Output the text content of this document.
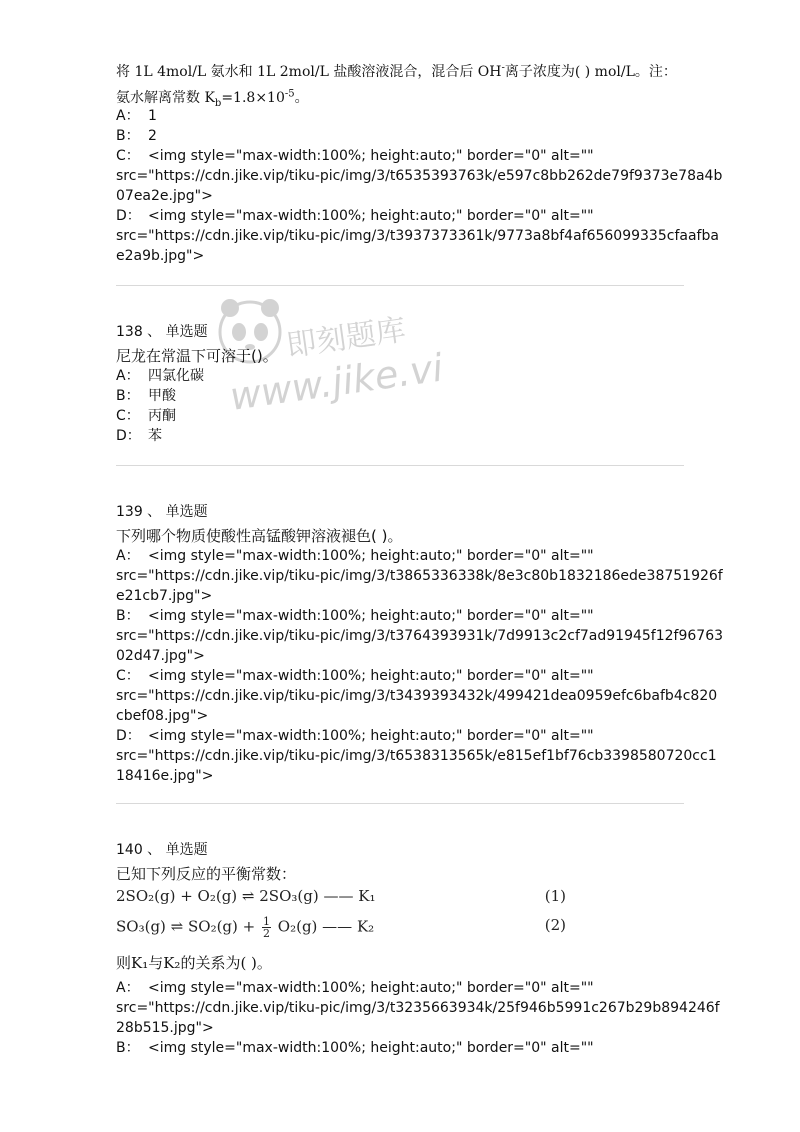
即刻题库
www.jike.vip
将 1L 4mol/L 氨水和 1L 2mol/L 盐酸溶液混合，混合后 OH-离子浓度为( ) mol/L。注：
氨水解离常数 $K_b=1.8\times 10^{-5}$。
A： 1
B： 2
C： <img style="max-width:100%; height:auto;" border="0" alt=""
src="https://cdn.jike.vip/tiku-pic/img/3/t6535393763k/e597c8bb262de79f9373e78a4b
07ea2e.jpg">
D： <img style="max-width:100%; height:auto;" border="0" alt=""
src="https://cdn.jike.vip/tiku-pic/img/3/t3937373361k/9773a8bf4af656099335cfaafba
e2a9b.jpg">
138 、 单选题
尼龙在常温下可溶于()。
A： 四氯化碳
B： 甲酸
C： 丙酮
D： 苯
139 、 单选题
下列哪个物质使酸性高锰酸钾溶液褪色( )。
A： <img style="max-width:100%; height:auto;" border="0" alt=""
src="https://cdn.jike.vip/tiku-pic/img/3/t3865336338k/8e3c80b1832186ede38751926f
e21cb7.jpg">
B： <img style="max-width:100%; height:auto;" border="0" alt=""
src="https://cdn.jike.vip/tiku-pic/img/3/t3764393931k/7d9913c2cf7ad91945f12f96763
02d47.jpg">
C： <img style="max-width:100%; height:auto;" border="0" alt=""
src="https://cdn.jike.vip/tiku-pic/img/3/t3439393432k/499421dea0959efc6bafb4c820
cbef08.jpg">
D： <img style="max-width:100%; height:auto;" border="0" alt=""
src="https://cdn.jike.vip/tiku-pic/img/3/t6538313565k/e815ef1bf76cb3398580720cc1
18416e.jpg">
140 、 单选题
已知下列反应的平衡常数：
2SO₂(g) + O₂(g) ⇌ 2SO₃(g) —— K₁	(1)
SO₃(g) ⇌ $SO_2(g) + \frac{1}{2} O_2(g)$ —— K₂	(2)
则K₁与K₂的关系为( )。
A： <img style="max-width:100%; height:auto;" border="0" alt=""
src="https://cdn.jike.vip/tiku-pic/img/3/t3235663934k/25f946b5991c267b29b894246f
28b515.jpg">
B： <img style="max-width:100%; height:auto;" border="0" alt=""
